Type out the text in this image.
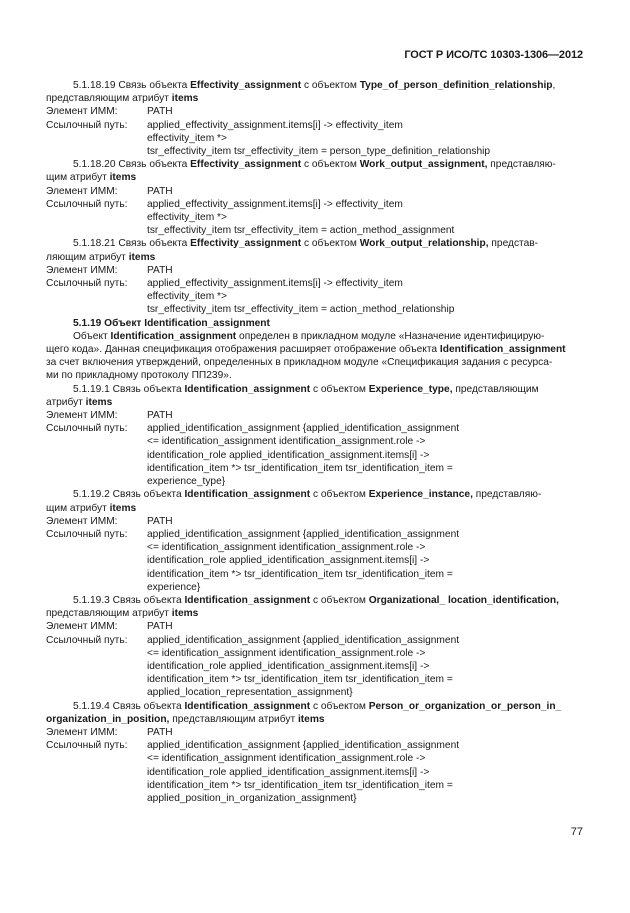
ГОСТ Р ИСО/ТС 10303-1306—2012

5.1.18.19 Связь объекта Effectivity_assignment с объектом Type_of_person_definition_relationship,

представляющим атрибут items

Элемент ИММ:	PATH
Ссылочный путь:	applied_effectivity_assignment.items[i] -> effectivity_item

effectivity_item *>

tsr_effectivity_item tsr_effectivity_item = person_type_definition_relationship

5.1.18.20 Связь объекта Effectivity_assignment с объектом Work_output_assignment, представляю-

щим атрибут items

Элемент ИММ:	PATH
Ссылочный путь:	applied_effectivity_assignment.items[i] -> effectivity_item

effectivity_item *>

tsr_effectivity_item tsr_effectivity_item = action_method_assignment

5.1.18.21 Связь объекта Effectivity_assignment с объектом Work_output_relationship, представ-

ляющим атрибут items

Элемент ИММ:	PATH
Ссылочный путь:	applied_effectivity_assignment.items[i] -> effectivity_item

effectivity_item *>

tsr_effectivity_item tsr_effectivity_item = action_method_relationship

5.1.19 Объект Identification_assignment

Объект Identification_assignment определен в прикладном модуле «Назначение идентифицирую-

щего кода». Данная спецификация отображения расширяет отображение объекта Identification_assignment

за счет включения утверждений, определенных в прикладном модуле «Спецификация задания с ресурса-

ми по прикладному протоколу ПП239».

5.1.19.1 Связь объекта Identification_assignment с объектом Experience_type, представляющим

атрибут items

Элемент ИММ:	PATH
Ссылочный путь:	applied_identification_assignment {applied_identification_assignment

<= identification_assignment identification_assignment.role ->

identification_role applied_identification_assignment.items[i] ->

identification_item *> tsr_identification_item tsr_identification_item =

experience_type}

5.1.19.2 Связь объекта Identification_assignment с объектом Experience_instance, представляю-

щим атрибут items

Элемент ИММ:	PATH
Ссылочный путь:	applied_identification_assignment {applied_identification_assignment

<= identification_assignment identification_assignment.role ->

identification_role applied_identification_assignment.items[i] ->

identification_item *> tsr_identification_item tsr_identification_item =

experience}

5.1.19.3 Связь объекта Identification_assignment с объектом Organizational_ location_identification,

представляющим атрибут items

Элемент ИММ:	PATH
Ссылочный путь:	applied_identification_assignment {applied_identification_assignment

<= identification_assignment identification_assignment.role ->

identification_role applied_identification_assignment.items[i] ->

identification_item *> tsr_identification_item tsr_identification_item =

applied_location_representation_assignment}

5.1.19.4 Связь объекта Identification_assignment с объектом Person_or_organization_or_person_in_

organization_in_position, представляющим атрибут items

Элемент ИММ:	PATH
Ссылочный путь:	applied_identification_assignment {applied_identification_assignment

<= identification_assignment identification_assignment.role ->

identification_role applied_identification_assignment.items[i] ->

identification_item *> tsr_identification_item tsr_identification_item =

applied_position_in_organization_assignment}

77
